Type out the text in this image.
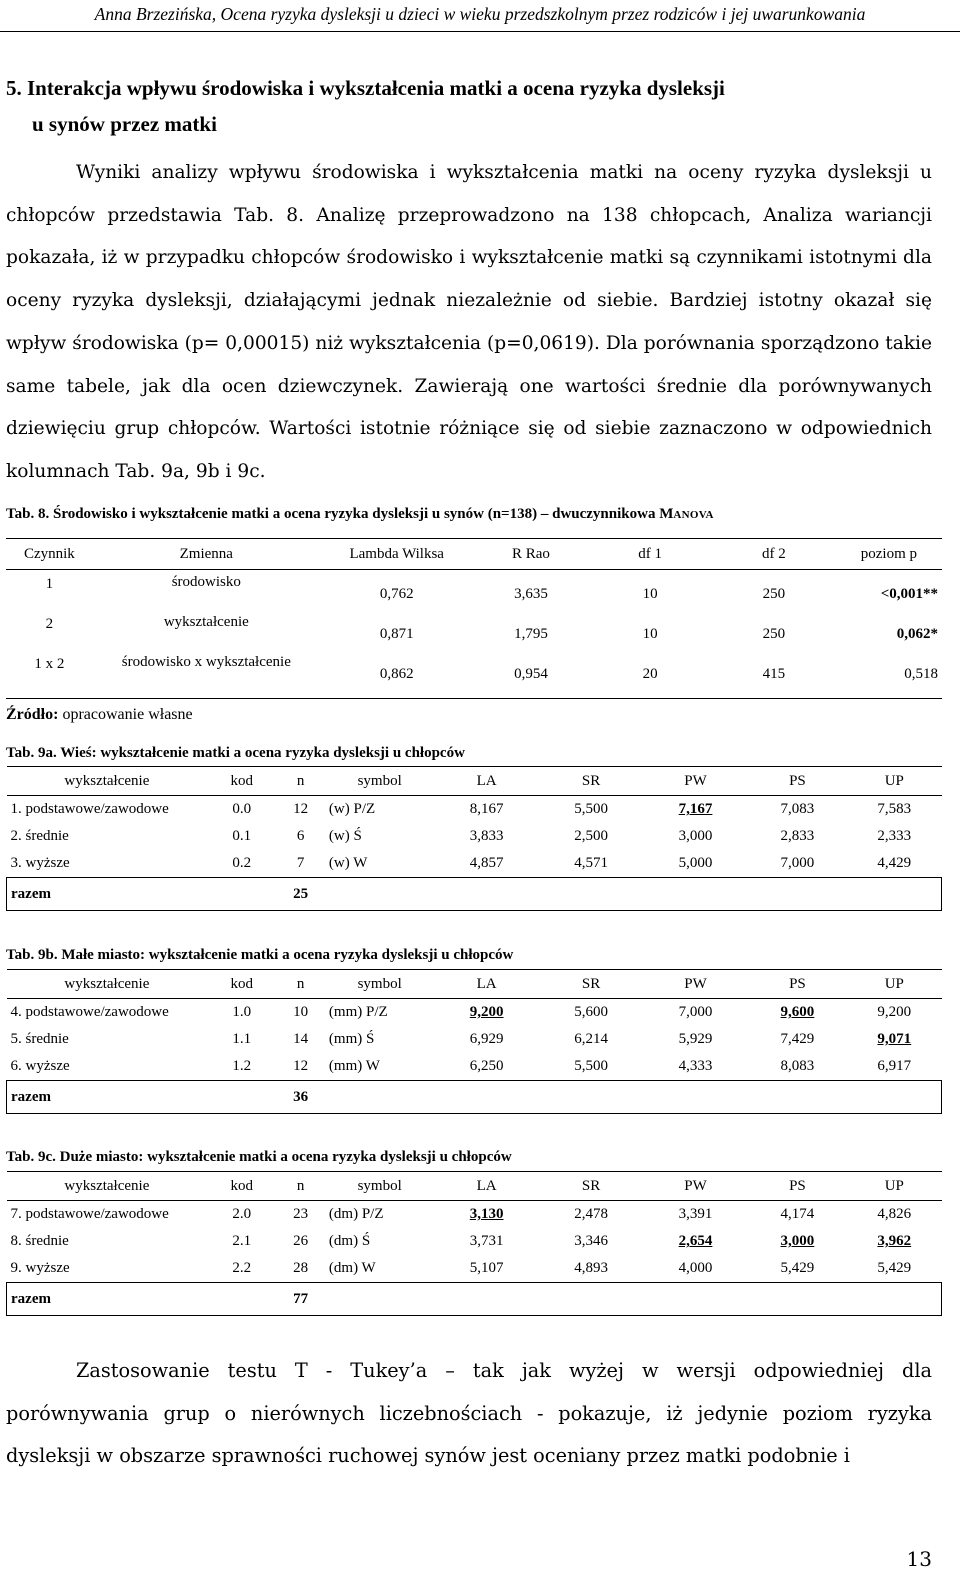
Anna Brzezińska, Ocena ryzyka dysleksji u dzieci w wieku przedszkolnym przez rodziców i jej uwarunkowania
5. Interakcja wpływu środowiska i wykształcenia matki a ocena ryzyka dysleksji
u synów przez matki

Wyniki analizy wpływu środowiska i wykształcenia matki na oceny ryzyka dysleksji u chłopców przedstawia Tab. 8. Analizę przeprowadzono na 138 chłopcach, Analiza wariancji pokazała, iż w przypadku chłopców środowisko i wykształcenie matki są czynnikami istotnymi dla oceny ryzyka dysleksji, działającymi jednak niezależnie od siebie. Bardziej istotny okazał się wpływ środowiska (p= 0,00015) niż wykształcenia (p=0,0619). Dla porównania sporządzono takie same tabele, jak dla ocen dziewczynek. Zawierają one wartości średnie dla porównywanych dziewięciu grup chłopców. Wartości istotnie różniące się od siebie zaznaczono w odpowiednich kolumnach Tab. 9a, 9b i 9c.

Tab. 8. Środowisko i wykształcenie matki a ocena ryzyka dysleksji u synów (n=138) – dwuczynnikowa MANOVA
Czynnik	Zmienna	Lambda Wilksa	R Rao	df 1	df 2	poziom p
1	środowisko	0,762	3,635	10	250	<0,001**
2	wykształcenie	0,871	1,795	10	250	0,062*
1 x 2	środowisko x wykształcenie	0,862	0,954	20	415	0,518
Źródło: opracowanie własne
Tab. 9a. Wieś: wykształcenie matki a ocena ryzyka dysleksji u chłopców
wykształcenie	kod	n	symbol	LA	SR	PW	PS	UP
1. podstawowe/zawodowe	0.0	12	(w) P/Z	8,167	5,500	7,167	7,083	7,583
2. średnie	0.1	6	(w) Ś	3,833	2,500	3,000	2,833	2,333
3. wyższe	0.2	7	(w) W	4,857	4,571	5,000	7,000	4,429
razem		25						
Tab. 9b. Małe miasto: wykształcenie matki a ocena ryzyka dysleksji u chłopców
wykształcenie	kod	n	symbol	LA	SR	PW	PS	UP
4. podstawowe/zawodowe	1.0	10	(mm) P/Z	9,200	5,600	7,000	9,600	9,200
5. średnie	1.1	14	(mm) Ś	6,929	6,214	5,929	7,429	9,071
6. wyższe	1.2	12	(mm) W	6,250	5,500	4,333	8,083	6,917
razem		36						
Tab. 9c. Duże miasto: wykształcenie matki a ocena ryzyka dysleksji u chłopców
wykształcenie	kod	n	symbol	LA	SR	PW	PS	UP
7. podstawowe/zawodowe	2.0	23	(dm) P/Z	3,130	2,478	3,391	4,174	4,826
8. średnie	2.1	26	(dm) Ś	3,731	3,346	2,654	3,000	3,962
9. wyższe	2.2	28	(dm) W	5,107	4,893	4,000	5,429	5,429
razem		77						

Zastosowanie testu T - Tukey’a – tak jak wyżej w wersji odpowiedniej dla porównywania grup o nierównych liczebnościach - pokazuje, iż jedynie poziom ryzyka dysleksji w obszarze sprawności ruchowej synów jest oceniany przez matki podobnie i

13
